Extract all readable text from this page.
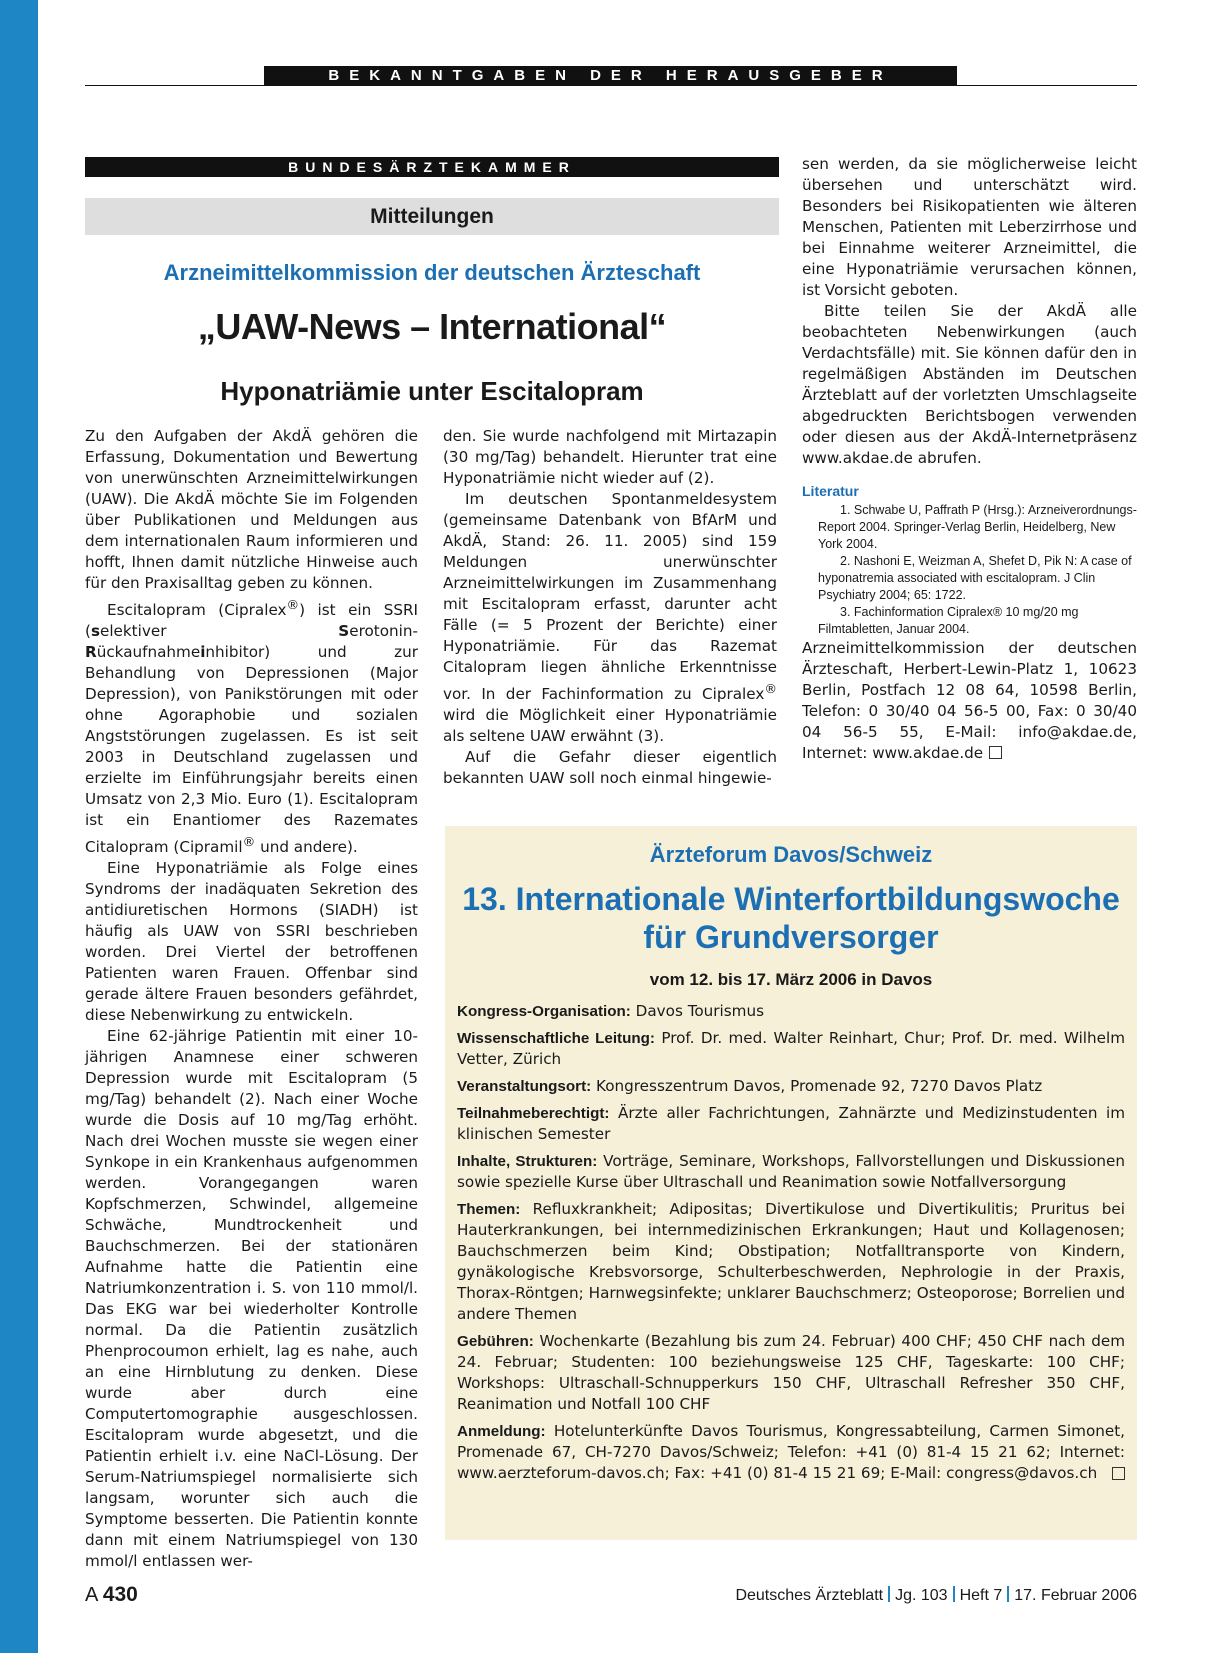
BEKANNTGABEN DER HERAUSGEBER
BUNDESÄRZTEKAMMER
Mitteilungen
Arzneimittelkommission der deutschen Ärzteschaft
„UAW-News – International“
Hyponatriämie unter Escitalopram

Zu den Aufgaben der AkdÄ gehören die Erfassung, Dokumentation und Bewertung von unerwünschten Arzneimittelwirkungen (UAW). Die AkdÄ möchte Sie im Folgenden über Publikationen und Meldungen aus dem internationalen Raum informieren und hofft, Ihnen damit nützliche Hinweise auch für den Praxisalltag geben zu können.

Escitalopram (Cipralex®) ist ein SSRI (selektiver Serotonin-Rückaufnahmeinhibitor) und zur Behandlung von Depressionen (Major Depression), von Panikstörungen mit oder ohne Agoraphobie und sozialen Angststörungen zugelassen. Es ist seit 2003 in Deutschland zugelassen und erzielte im Einführungsjahr bereits einen Umsatz von 2,3 Mio. Euro (1). Escitalopram ist ein Enantiomer des Razemates Citalopram (Cipramil® und andere).

Eine Hyponatriämie als Folge eines Syndroms der inadäquaten Sekretion des antidiuretischen Hormons (SIADH) ist häufig als UAW von SSRI beschrieben worden. Drei Viertel der betroffenen Patienten waren Frauen. Offenbar sind gerade ältere Frauen besonders gefährdet, diese Nebenwirkung zu entwickeln.

Eine 62-jährige Patientin mit einer 10-jährigen Anamnese einer schweren Depression wurde mit Escitalopram (5 mg/Tag) behandelt (2). Nach einer Woche wurde die Dosis auf 10 mg/Tag erhöht. Nach drei Wochen musste sie wegen einer Synkope in ein Krankenhaus aufgenommen werden. Vorangegangen waren Kopfschmerzen, Schwindel, allgemeine Schwäche, Mundtrockenheit und Bauchschmerzen. Bei der stationären Aufnahme hatte die Patientin eine Natriumkonzentration i. S. von 110 mmol/l. Das EKG war bei wiederholter Kontrolle normal. Da die Patientin zusätzlich Phenprocoumon erhielt, lag es nahe, auch an eine Hirnblutung zu denken. Diese wurde aber durch eine Computertomographie ausgeschlossen. Escitalopram wurde abgesetzt, und die Patientin erhielt i.v. eine NaCl-Lösung. Der Serum-Natriumspiegel normalisierte sich langsam, worunter sich auch die Symptome besserten. Die Patientin konnte dann mit einem Natriumspiegel von 130 mmol/l entlassen wer-

den. Sie wurde nachfolgend mit Mirtazapin (30 mg/Tag) behandelt. Hierunter trat eine Hyponatriämie nicht wieder auf (2).

Im deutschen Spontanmeldesystem (gemeinsame Datenbank von BfArM und AkdÄ, Stand: 26. 11. 2005) sind 159 Meldungen unerwünschter Arzneimittelwirkungen im Zusammenhang mit Escitalopram erfasst, darunter acht Fälle (= 5 Prozent der Berichte) einer Hyponatriämie. Für das Razemat Citalopram liegen ähnliche Erkenntnisse vor. In der Fachinformation zu Cipralex® wird die Möglichkeit einer Hyponatriämie als seltene UAW erwähnt (3).

Auf die Gefahr dieser eigentlich bekannten UAW soll noch einmal hingewie-

sen werden, da sie möglicherweise leicht übersehen und unterschätzt wird. Besonders bei Risikopatienten wie älteren Menschen, Patienten mit Leberzirrhose und bei Einnahme weiterer Arzneimittel, die eine Hyponatriämie verursachen können, ist Vorsicht geboten.

Bitte teilen Sie der AkdÄ alle beobachteten Nebenwirkungen (auch Verdachtsfälle) mit. Sie können dafür den in regelmäßigen Abständen im Deutschen Ärzteblatt auf der vorletzten Umschlagseite abgedruckten Berichtsbogen verwenden oder diesen aus der AkdÄ-Internetpräsenz www.akdae.de abrufen.

Literatur

1. Schwabe U, Paffrath P (Hrsg.): Arzneiverordnungs-Report 2004. Springer-Verlag Berlin, Heidelberg, New York 2004.

2. Nashoni E, Weizman A, Shefet D, Pik N: A case of hyponatremia associated with escitalopram. J Clin Psychiatry 2004; 65: 1722.

3. Fachinformation Cipralex® 10 mg/20 mg Filmtabletten, Januar 2004.

Arzneimittelkommission der deutschen Ärzteschaft, Herbert-Lewin-Platz 1, 10623 Berlin, Postfach 12 08 64, 10598 Berlin, Telefon: 0 30/40 04 56-5 00, Fax: 0 30/40 04 56-5 55, E-Mail: info@akdae.de, Internet: www.akdae.de

Ärzteforum Davos/Schweiz
13. Internationale Winterfortbildungswoche
für Grundversorger
vom 12. bis 17. März 2006 in Davos

Kongress-Organisation: Davos Tourismus

Wissenschaftliche Leitung: Prof. Dr. med. Walter Reinhart, Chur; Prof. Dr. med. Wilhelm Vetter, Zürich

Veranstaltungsort: Kongresszentrum Davos, Promenade 92, 7270 Davos Platz

Teilnahmeberechtigt: Ärzte aller Fachrichtungen, Zahnärzte und Medizinstudenten im klinischen Semester

Inhalte, Strukturen: Vorträge, Seminare, Workshops, Fallvorstellungen und Diskussionen sowie spezielle Kurse über Ultraschall und Reanimation sowie Notfallversorgung

Themen: Refluxkrankheit; Adipositas; Divertikulose und Divertikulitis; Pruritus bei Hauterkrankungen, bei internmedizinischen Erkrankungen; Haut und Kollagenosen; Bauchschmerzen beim Kind; Obstipation; Notfalltransporte von Kindern, gynäkologische Krebsvorsorge, Schulterbeschwerden, Nephrologie in der Praxis, Thorax-Röntgen; Harnwegsinfekte; unklarer Bauchschmerz; Osteoporose; Borrelien und andere Themen

Gebühren: Wochenkarte (Bezahlung bis zum 24. Februar) 400 CHF; 450 CHF nach dem 24. Februar; Studenten: 100 beziehungsweise 125 CHF, Tageskarte: 100 CHF; Workshops: Ultraschall-Schnupperkurs 150 CHF, Ultraschall Refresher 350 CHF, Reanimation und Notfall 100 CHF

Anmeldung: Hotelunterkünfte Davos Tourismus, Kongressabteilung, Carmen Simonet, Promenade 67, CH-7270 Davos/Schweiz; Telefon: +41 (0) 81-4 15 21 62; Internet: www.aerzteforum-davos.ch; Fax: +41 (0) 81-4 15 21 69; E-Mail: congress@davos.ch

A 430	Deutsches Ärzteblatt Jg. 103 Heft 7 17. Februar 2006
